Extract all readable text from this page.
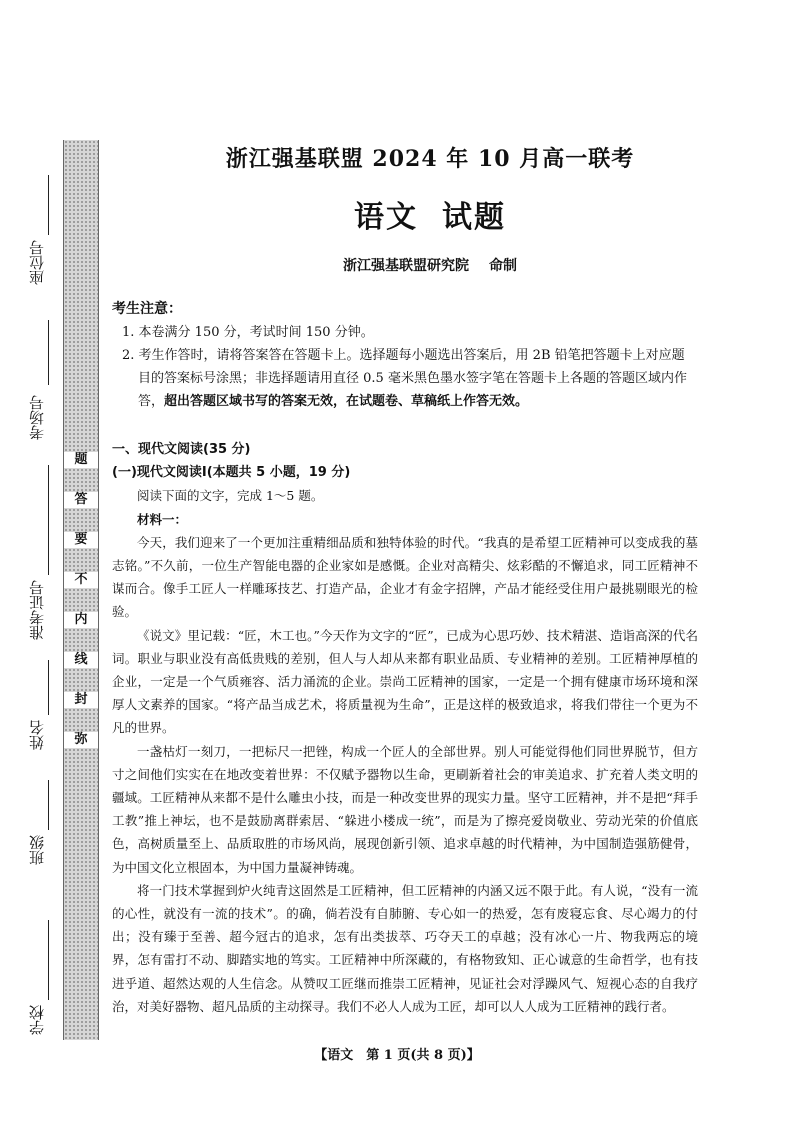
题
答
要
不
内
线
封
弥
座位号
考场号
准考证号
姓名
班级
学校
浙江强基联盟 2024 年 10 月高一联考
语文 试题
浙江强基联盟研究院 命制
考生注意：
1. 本卷满分 150 分，考试时间 150 分钟。
2. 考生作答时，请将答案答在答题卡上。选择题每小题选出答案后，用 2B 铅笔把答题卡上对应题目的答案标号涂黑；非选择题请用直径 0.5 毫米黑色墨水签字笔在答题卡上各题的答题区域内作答，超出答题区域书写的答案无效，在试题卷、草稿纸上作答无效。
一、现代文阅读(35 分)
(一)现代文阅读Ⅰ(本题共 5 小题，19 分)

阅读下面的文字，完成 1～5 题。

材料一：

今天，我们迎来了一个更加注重精细品质和独特体验的时代。“我真的是希望工匠精神可以变成我的墓志铭。”不久前，一位生产智能电器的企业家如是感慨。企业对高精尖、炫彩酷的不懈追求，同工匠精神不谋而合。像手工匠人一样雕琢技艺、打造产品，企业才有金字招牌，产品才能经受住用户最挑剔眼光的检验。

《说文》里记载：“匠，木工也。”今天作为文字的“匠”，已成为心思巧妙、技术精湛、造诣高深的代名词。职业与职业没有高低贵贱的差别，但人与人却从来都有职业品质、专业精神的差别。工匠精神厚植的企业，一定是一个气质雍容、活力涌流的企业。崇尚工匠精神的国家，一定是一个拥有健康市场环境和深厚人文素养的国家。“将产品当成艺术，将质量视为生命”，正是这样的极致追求，将我们带往一个更为不凡的世界。

一盏枯灯一刻刀，一把标尺一把锉，构成一个匠人的全部世界。别人可能觉得他们同世界脱节，但方寸之间他们实实在在地改变着世界：不仅赋予器物以生命，更刷新着社会的审美追求、扩充着人类文明的疆域。工匠精神从来都不是什么雕虫小技，而是一种改变世界的现实力量。坚守工匠精神，并不是把“拜手工教”推上神坛，也不是鼓励离群索居、“躲进小楼成一统”，而是为了擦亮爱岗敬业、劳动光荣的价值底色，高树质量至上、品质取胜的市场风尚，展现创新引领、追求卓越的时代精神，为中国制造强筋健骨，为中国文化立根固本，为中国力量凝神铸魂。

将一门技术掌握到炉火纯青这固然是工匠精神，但工匠精神的内涵又远不限于此。有人说，“没有一流的心性，就没有一流的技术”。的确，倘若没有自肺腑、专心如一的热爱，怎有废寝忘食、尽心竭力的付出；没有臻于至善、超今冠古的追求，怎有出类拔萃、巧夺天工的卓越；没有冰心一片、物我两忘的境界，怎有雷打不动、脚踏实地的笃实。工匠精神中所深藏的，有格物致知、正心诚意的生命哲学，也有技进乎道、超然达观的人生信念。从赞叹工匠继而推崇工匠精神，见证社会对浮躁风气、短视心态的自我疗治，对美好器物、超凡品质的主动探寻。我们不必人人成为工匠，却可以人人成为工匠精神的践行者。

【语文　第 1 页(共 8 页)】
